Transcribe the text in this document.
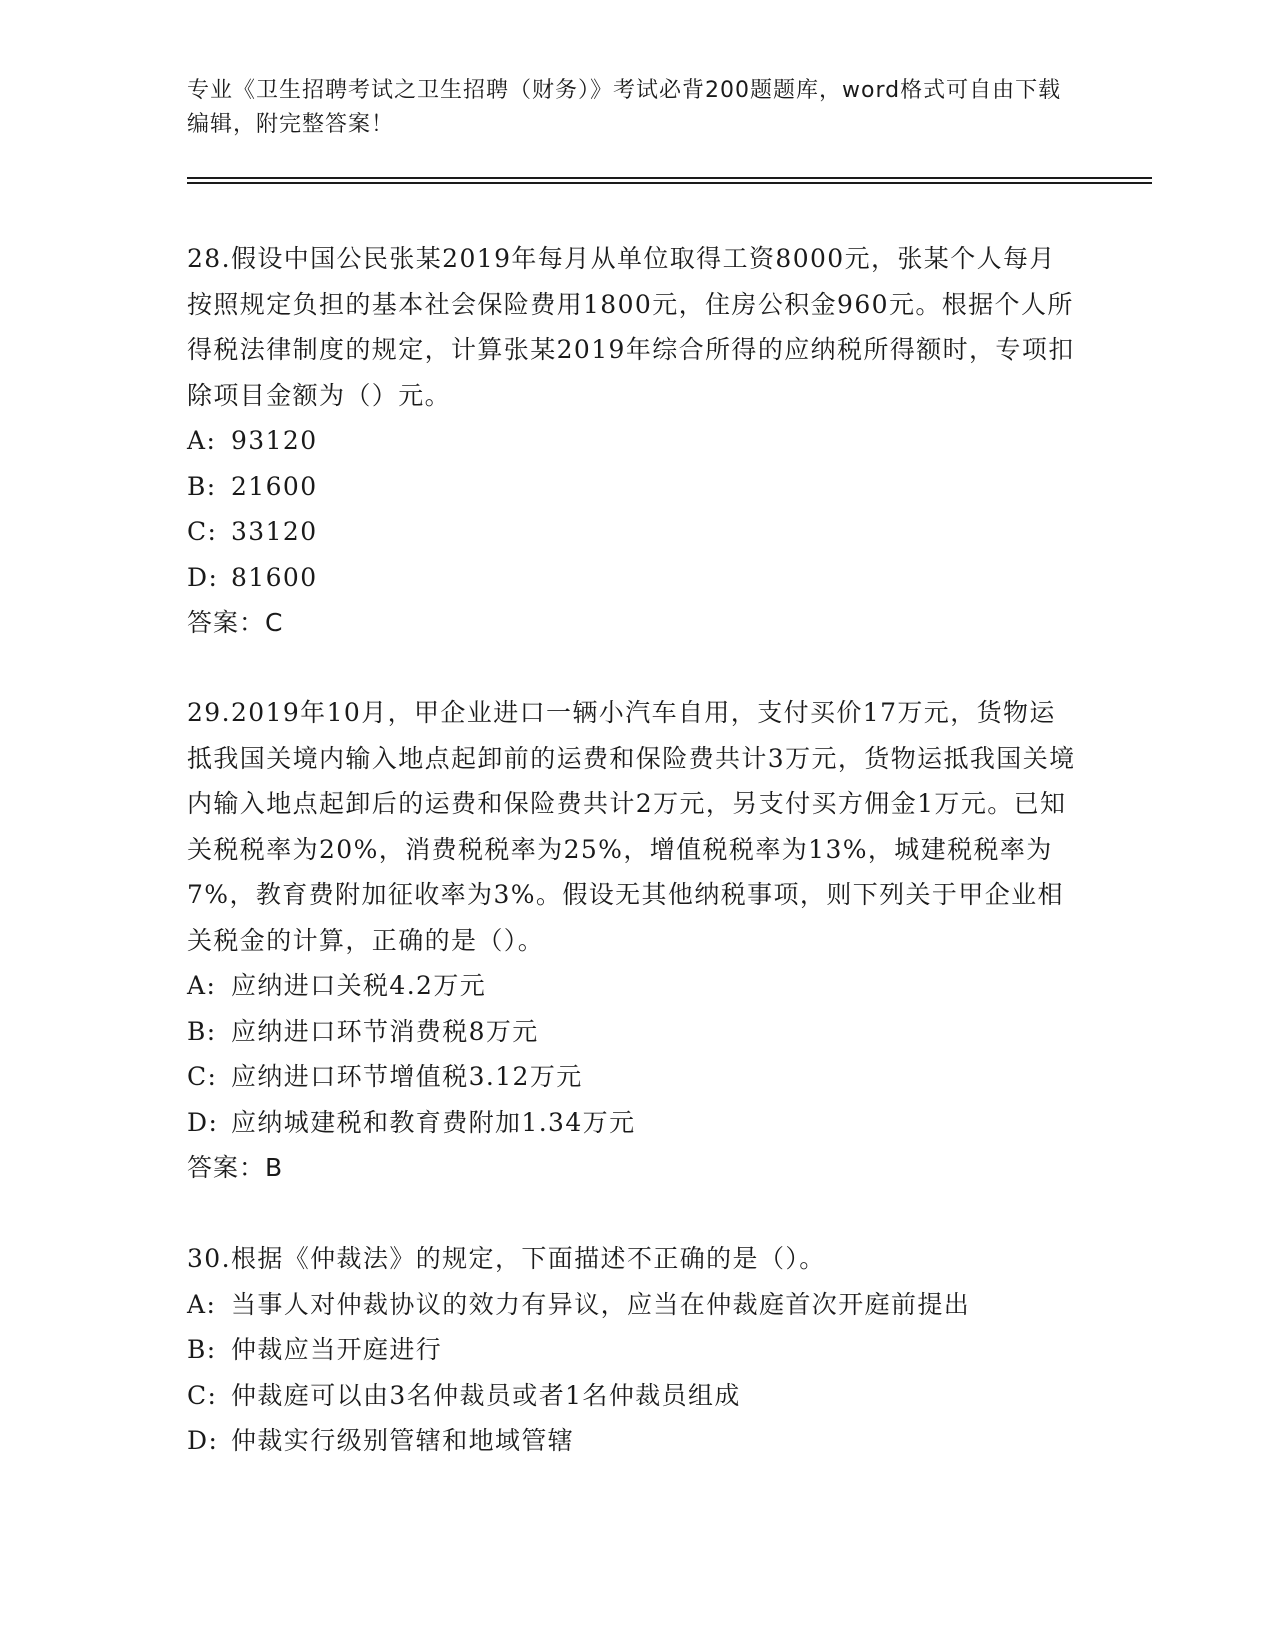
专业《卫生招聘考试之卫生招聘（财务）》考试必背200题题库，word格式可自由下载编辑，附完整答案！

28.假设中国公民张某2019年每月从单位取得工资8000元，张某个人每月按照规定负担的基本社会保险费用1800元，住房公积金960元。根据个人所得税法律制度的规定，计算张某2019年综合所得的应纳税所得额时，专项扣除项目金额为（）元。

A: 93120
B: 21600
C: 33120
D: 81600

答案：C

29.2019年10月，甲企业进口一辆小汽车自用，支付买价17万元，货物运抵我国关境内输入地点起卸前的运费和保险费共计3万元，货物运抵我国关境内输入地点起卸后的运费和保险费共计2万元，另支付买方佣金1万元。已知关税税率为20%，消费税税率为25%，增值税税率为13%，城建税税率为7%，教育费附加征收率为3%。假设无其他纳税事项，则下列关于甲企业相关税金的计算，正确的是（）。

A: 应纳进口关税4.2万元
B: 应纳进口环节消费税8万元
C: 应纳进口环节增值税3.12万元
D: 应纳城建税和教育费附加1.34万元

答案：B

30.根据《仲裁法》的规定，下面描述不正确的是（）。

A: 当事人对仲裁协议的效力有异议，应当在仲裁庭首次开庭前提出
B: 仲裁应当开庭进行
C: 仲裁庭可以由3名仲裁员或者1名仲裁员组成
D: 仲裁实行级别管辖和地域管辖
